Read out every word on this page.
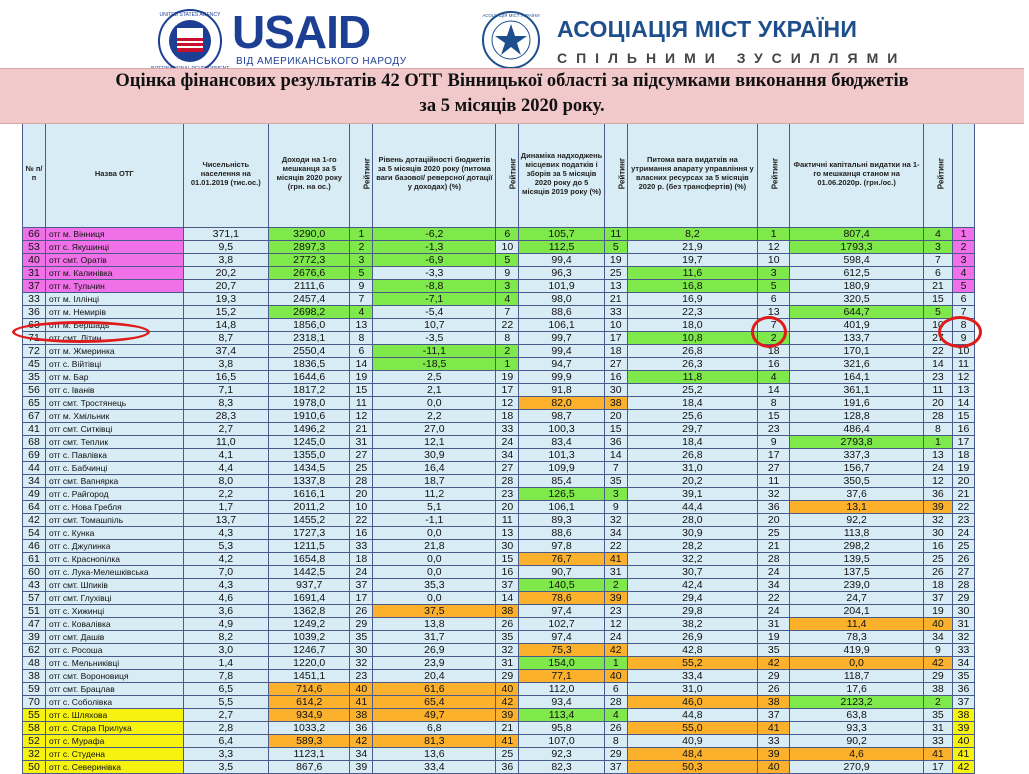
UNITED STATES AGENCY USAID
ВІД АМЕРИКАНСЬКОГО НАРОДУ
АСОЦІАЦІЯ МІСТ УКРАЇНИ
АСОЦІАЦІЯ МІСТ УКРАЇНИ
СПІЛЬНИМИ ЗУСИЛЛЯМИ
Оцінка фінансових результатів 42 ОТГ Вінницької області за підсумками виконання бюджетів
за 5 місяців 2020 року.
№ п/п	Назва ОТГ	Чисельність населення на 01.01.2019 (тис.ос.)	Доходи на 1-го мешканця за 5 місяців 2020 року (грн. на ос.)	Рейтинг	Рівень дотаційності бюджетів за 5 місяців 2020 року (питома ваги базової/ реверсної дотації у доходах) (%)	Рейтинг	Динаміка надходжень місцевих податків і зборів за 5 місяців 2020 року до 5 місяців 2019 року (%)	Рейтинг	Питома вага видатків на утримання апарату управління у власних ресурсах за 5 місяців 2020 р. (без трансфертів) (%)	Рейтинг	Фактичні капітальні видатки на 1-го мешканця станом на 01.06.2020р. (грн./ос.)	Рейтинг	
66	отг м. Вінниця	371,1	3290,0	1	-6,2	6	105,7	11	8,2	1	807,4	4	1
53	отг с. Якушинці	9,5	2897,3	2	-1,3	10	112,5	5	21,9	12	1793,3	3	2
40	отг смт. Оратів	3,8	2772,3	3	-6,9	5	99,4	19	19,7	10	598,4	7	3
31	отг м. Калинівка	20,2	2676,6	5	-3,3	9	96,3	25	11,6	3	612,5	6	4
37	отг м. Тульчин	20,7	2111,6	9	-8,8	3	101,9	13	16,8	5	180,9	21	5
33	отг м. Іллінці	19,3	2457,4	7	-7,1	4	98,0	21	16,9	6	320,5	15	6
36	отг м. Немирів	15,2	2698,2	4	-5,4	7	88,6	33	22,3	13	644,7	5	7
63	отг м. Бершадь	14,8	1856,0	13	10,7	22	106,1	10	18,0	7	401,9	10	8
71	отг смт. Літин	8,7	2318,1	8	-3,5	8	99,7	17	10,8	2	133,7	27	9
72	отг м. Жмеринка	37,4	2550,4	6	-11,1	2	99,4	18	26,8	18	170,1	22	10
45	отг с. Війтівці	3,8	1836,5	14	-18,5	1	94,7	27	26,3	16	321,6	14	11
35	отг м. Бар	16,5	1644,6	19	2,5	19	99,9	16	11,8	4	164,1	23	12
56	отг с. Іванів	7,1	1817,2	15	2,1	17	91,8	30	25,2	14	361,1	11	13
65	отг смт. Тростянець	8,3	1978,0	11	0,0	12	82,0	38	18,4	8	191,6	20	14
67	отг м. Хмільник	28,3	1910,6	12	2,2	18	98,7	20	25,6	15	128,8	28	15
41	отг смт. Ситківці	2,7	1496,2	21	27,0	33	100,3	15	29,7	23	486,4	8	16
68	отг смт. Теплик	11,0	1245,0	31	12,1	24	83,4	36	18,4	9	2793,8	1	17
69	отг с. Павлівка	4,1	1355,0	27	30,9	34	101,3	14	26,8	17	337,3	13	18
44	отг с. Бабчинці	4,4	1434,5	25	16,4	27	109,9	7	31,0	27	156,7	24	19
34	отг смт. Вапнярка	8,0	1337,8	28	18,7	28	85,4	35	20,2	11	350,5	12	20
49	отг с. Райгород	2,2	1616,1	20	11,2	23	126,5	3	39,1	32	37,6	36	21
64	отг с. Нова Гребля	1,7	2011,2	10	5,1	20	106,1	9	44,4	36	13,1	39	22
42	отг смт. Томашпіль	13,7	1455,2	22	-1,1	11	89,3	32	28,0	20	92,2	32	23
54	отг с. Кунка	4,3	1727,3	16	0,0	13	88,6	34	30,9	25	113,8	30	24
46	отг с. Джулинка	5,3	1211,5	33	21,8	30	97,8	22	28,2	21	298,2	16	25
61	отг с. Краснопілка	4,2	1654,8	18	0,0	15	76,7	41	32,2	28	139,5	25	26
60	отг с. Лука-Мелешківська	7,0	1442,5	24	0,0	16	90,7	31	30,7	24	137,5	26	27
43	отг смт. Шпиків	4,3	937,7	37	35,3	37	140,5	2	42,4	34	239,0	18	28
57	отг смт. Глухівці	4,6	1691,4	17	0,0	14	78,6	39	29,4	22	24,7	37	29
51	отг с. Хижинці	3,6	1362,8	26	37,5	38	97,4	23	29,8	24	204,1	19	30
47	отг с. Ковалівка	4,9	1249,2	29	13,8	26	102,7	12	38,2	31	11,4	40	31
39	отг смт. Дашів	8,2	1039,2	35	31,7	35	97,4	24	26,9	19	78,3	34	32
62	отг с. Росоша	3,0	1246,7	30	26,9	32	75,3	42	42,8	35	419,9	9	33
48	отг с. Мельниківці	1,4	1220,0	32	23,9	31	154,0	1	55,2	42	0,0	42	34
38	отг смт. Вороновиця	7,8	1451,1	23	20,4	29	77,1	40	33,4	29	118,7	29	35
59	отг смт. Брацлав	6,5	714,6	40	61,6	40	112,0	6	31,0	26	17,6	38	36
70	отг с. Соболівка	5,5	614,2	41	65,4	42	93,4	28	46,0	38	2123,2	2	37
55	отг с. Шляхова	2,7	934,9	38	49,7	39	113,4	4	44,8	37	63,8	35	38
58	отг с. Стара Прилука	2,8	1033,2	36	6,8	21	95,8	26	55,0	41	93,3	31	39
52	отг с. Мурафа	6,4	589,3	42	81,3	41	107,0	8	40,9	33	90,2	33	40
32	отг с. Студена	3,3	1123,1	34	13,6	25	92,3	29	48,4	39	4,6	41	41
50	отг с. Северинівка	3,5	867,6	39	33,4	36	82,3	37	50,3	40	270,9	17	42
